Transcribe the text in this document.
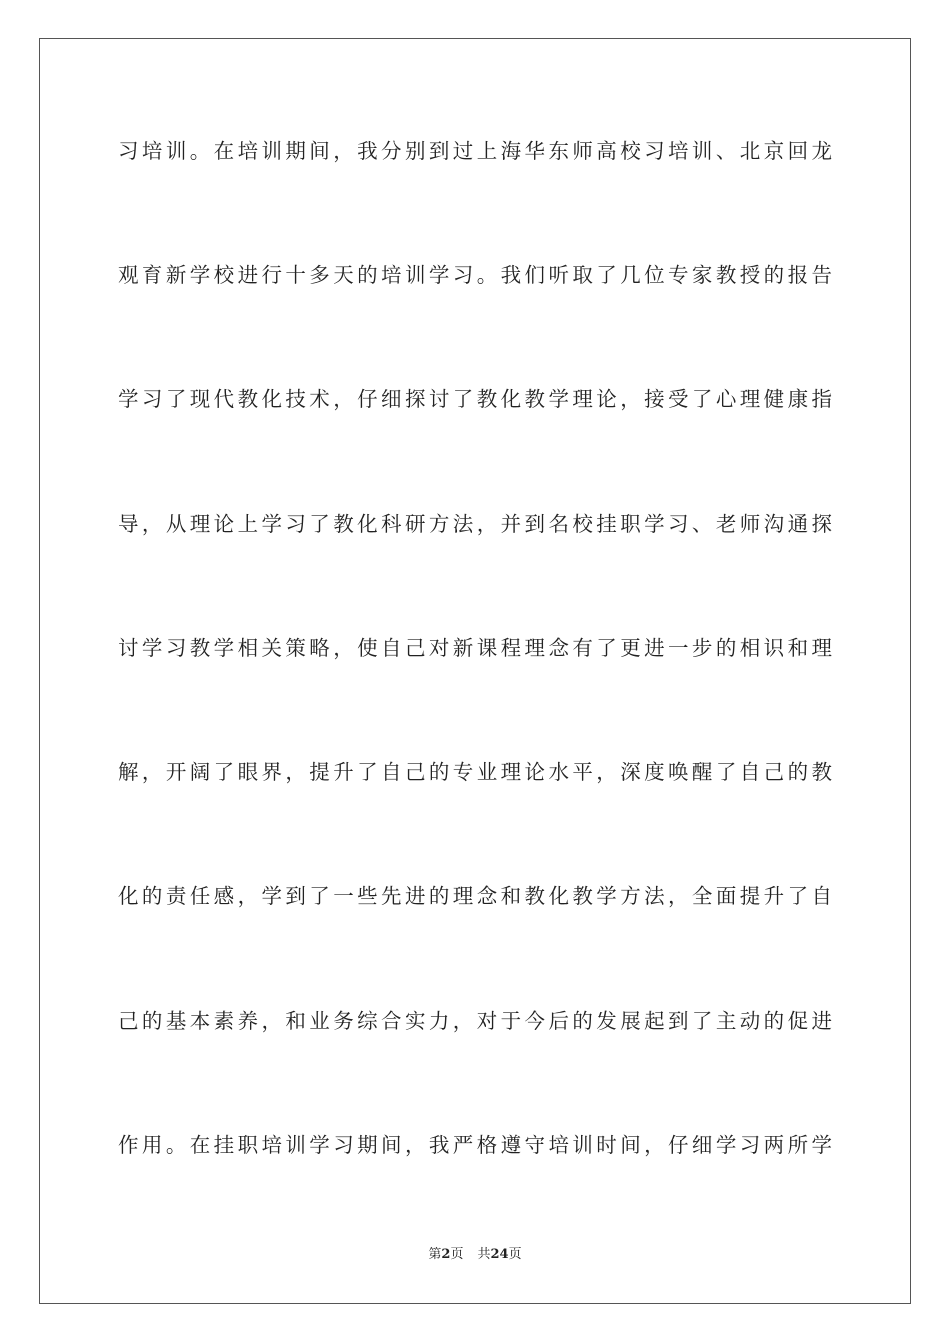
习培训。在培训期间，我分别到过上海华东师高校习培训、北京回龙
观育新学校进行十多天的培训学习。我们听取了几位专家教授的报告
学习了现代教化技术，仔细探讨了教化教学理论，接受了心理健康指
导，从理论上学习了教化科研方法，并到名校挂职学习、老师沟通探
讨学习教学相关策略，使自己对新课程理念有了更进一步的相识和理
解，开阔了眼界，提升了自己的专业理论水平，深度唤醒了自己的教
化的责任感，学到了一些先进的理念和教化教学方法，全面提升了自
己的基本素养，和业务综合实力，对于今后的发展起到了主动的促进
作用。在挂职培训学习期间，我严格遵守培训时间，仔细学习两所学
第2页 共24页
